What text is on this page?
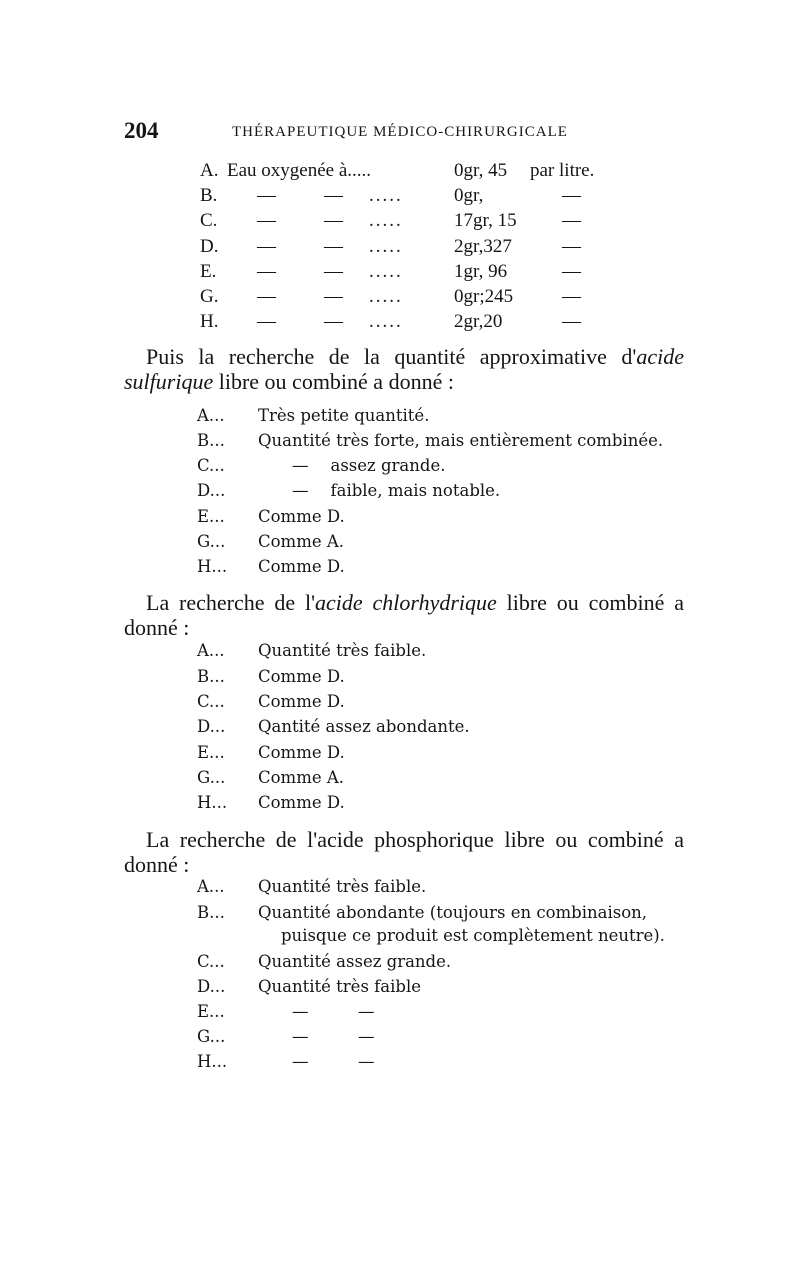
204	THÉRAPEUTIQUE MÉDICO-CHIRURGICALE
A. Eau oxygenée à.....	0gr, 45 par litre.
B. —	— .....	0gr,	—
C. —	— .....	17gr, 15 —
D. —	— .....	2gr,327	—
E. —	— .....	1gr, 96	—
G. —	— .....	0gr;245	—
H. —	— .....	2gr,20	—
Puis la recherche de la quantité approximative d'acide
sulfurique libre ou combiné a donné :
A... Très petite quantité.
B... Quantité très forte, mais entièrement combinée.
C...	— assez grande.
D...	— faible, mais notable.
E... Comme D.
G... Comme A.
H... Comme D.
La recherche de l'acide chlorhydrique libre ou combiné a
donné :
A... Quantité très faible.
B... Comme D.
C... Comme D.
D... Qantité assez abondante.
E... Comme D.
G... Comme A.
H... Comme D.
La recherche de l'acide phosphorique libre ou combiné a
donné :
A... Quantité très faible.
B... Quantité abondante (toujours en combinaison,
puisque ce produit est complètement neutre).
C... Quantité assez grande.
D... Quantité très faible
E...	—	—
G...	—	—
H...	—	—
